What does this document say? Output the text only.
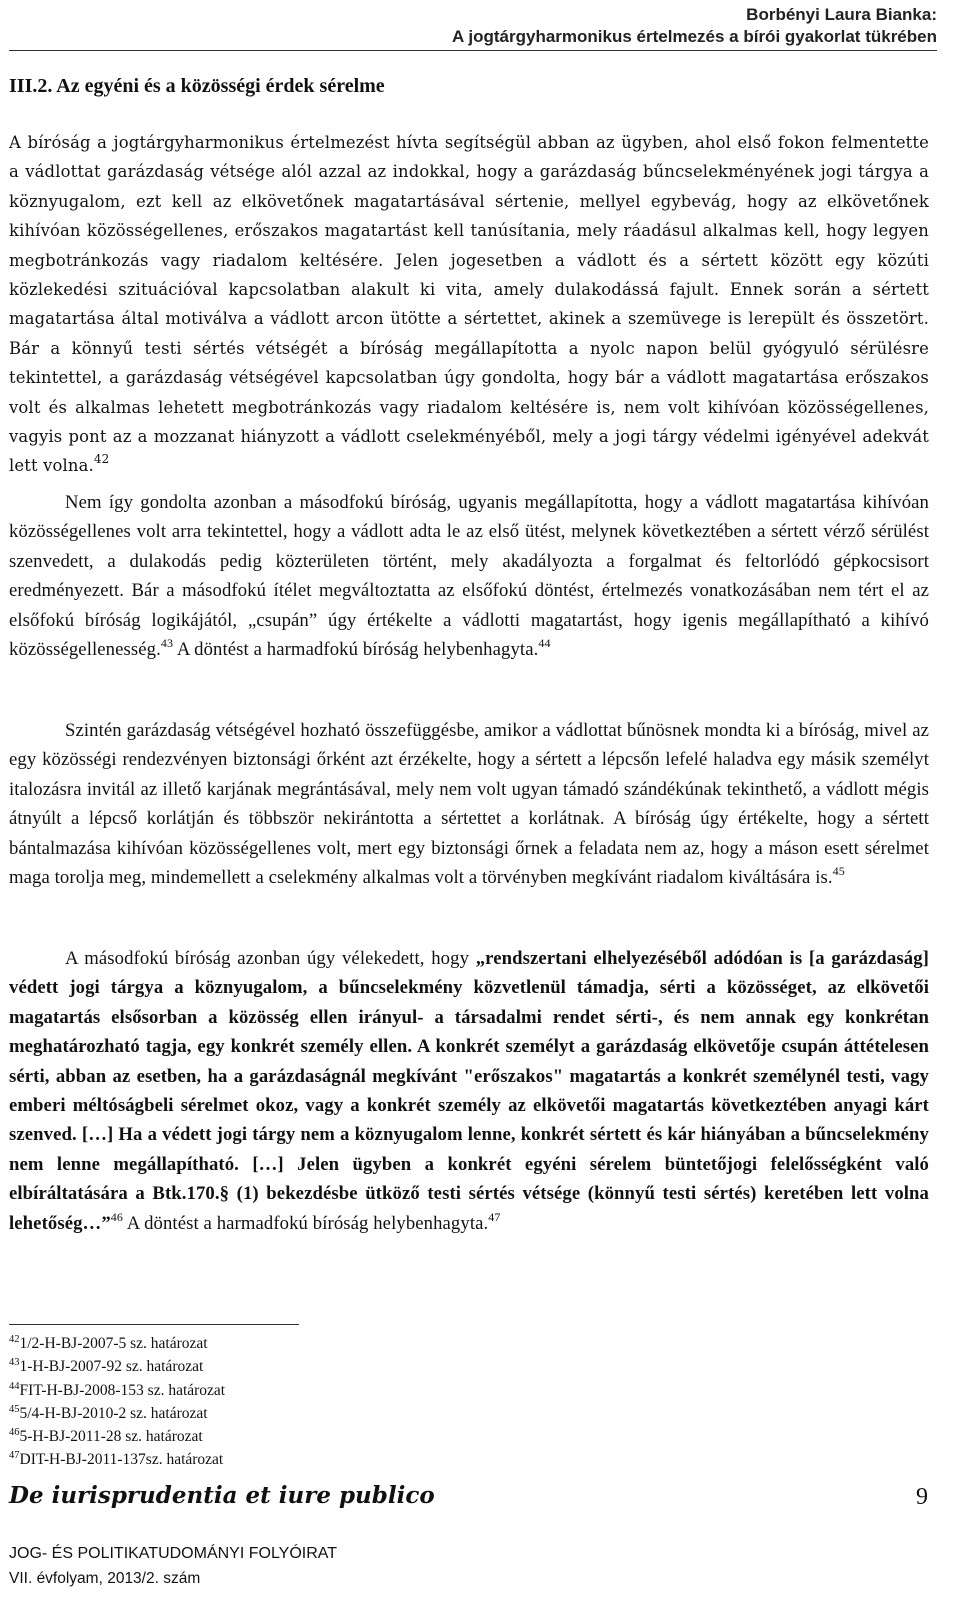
Borbényi Laura Bianka:
A jogtárgyharmonikus értelmezés a bírói gyakorlat tükrében
III.2. Az egyéni és a közösségi érdek sérelme

A bíróság a jogtárgyharmonikus értelmezést hívta segítségül abban az ügyben, ahol első fokon felmentette a vádlottat garázdaság vétsége alól azzal az indokkal, hogy a garázdaság bűncselekményének jogi tárgya a köznyugalom, ezt kell az elkövetőnek magatartásával sértenie, mellyel egybevág, hogy az elkövetőnek kihívóan közösségellenes, erőszakos magatartást kell tanúsítania, mely ráadásul alkalmas kell, hogy legyen megbotránkozás vagy riadalom keltésére. Jelen jogesetben a vádlott és a sértett között egy közúti közlekedési szituációval kapcsolatban alakult ki vita, amely dulakodássá fajult. Ennek során a sértett magatartása által motiválva a vádlott arcon ütötte a sértettet, akinek a szemüvege is lerepült és összetört. Bár a könnyű testi sértés vétségét a bíróság megállapította a nyolc napon belül gyógyuló sérülésre tekintettel, a garázdaság vétségével kapcsolatban úgy gondolta, hogy bár a vádlott magatartása erőszakos volt és alkalmas lehetett megbotránkozás vagy riadalom keltésére is, nem volt kihívóan közösségellenes, vagyis pont az a mozzanat hiányzott a vádlott cselekményéből, mely a jogi tárgy védelmi igényével adekvát lett volna.$^{42}$

Nem így gondolta azonban a másodfokú bíróság, ugyanis megállapította, hogy a vádlott magatartása kihívóan közösségellenes volt arra tekintettel, hogy a vádlott adta le az első ütést, melynek következtében a sértett vérző sérülést szenvedett, a dulakodás pedig közterületen történt, mely akadályozta a forgalmat és feltorlódó gépkocsisort eredményezett. Bár a másodfokú ítélet megváltoztatta az elsőfokú döntést, értelmezés vonatkozásában nem tért el az elsőfokú bíróság logikájától, „csupán” úgy értékelte a vádlotti magatartást, hogy igenis megállapítható a kihívó közösségellenesség.$^{43}$ A döntést a harmadfokú bíróság helybenhagyta.$^{44}$

Szintén garázdaság vétségével hozható összefüggésbe, amikor a vádlottat bűnösnek mondta ki a bíróság, mivel az egy közösségi rendezvényen biztonsági őrként azt érzékelte, hogy a sértett a lépcsőn lefelé haladva egy másik személyt italozásra invitál az illető karjának megrántásával, mely nem volt ugyan támadó szándékúnak tekinthető, a vádlott mégis átnyúlt a lépcső korlátján és többször nekirántotta a sértettet a korlátnak. A bíróság úgy értékelte, hogy a sértett bántalmazása kihívóan közösségellenes volt, mert egy biztonsági őrnek a feladata nem az, hogy a máson esett sérelmet maga torolja meg, mindemellett a cselekmény alkalmas volt a törvényben megkívánt riadalom kiváltására is.$^{45}$

A másodfokú bíróság azonban úgy vélekedett, hogy „rendszertani elhelyezéséből adódóan is [a garázdaság] védett jogi tárgya a köznyugalom, a bűncselekmény közvetlenül támadja, sérti a közösséget, az elkövetői magatartás elsősorban a közösség ellen irányul- a társadalmi rendet sérti-, és nem annak egy konkrétan meghatározható tagja, egy konkrét személy ellen. A konkrét személyt a garázdaság elkövetője csupán áttételesen sérti, abban az esetben, ha a garázdaságnál megkívánt "erőszakos" magatartás a konkrét személynél testi, vagy emberi méltóságbeli sérelmet okoz, vagy a konkrét személy az elkövetői magatartás következtében anyagi kárt szenved. […] Ha a védett jogi tárgy nem a köznyugalom lenne, konkrét sértett és kár hiányában a bűncselekmény nem lenne megállapítható. […] Jelen ügyben a konkrét egyéni sérelem büntetőjogi felelősségként való elbíráltatására a Btk.170.§ (1) bekezdésbe ütköző testi sértés vétsége (könnyű testi sértés) keretében lett volna lehetőség…”$^{46}$ A döntést a harmadfokú bíróság helybenhagyta.$^{47}$

$^{42}$1/2-H-BJ-2007-5 sz. határozat
$^{43}$1-H-BJ-2007-92 sz. határozat
$^{44}$FIT-H-BJ-2008-153 sz. határozat
$^{45}$5/4-H-BJ-2010-2 sz. határozat
$^{46}$5-H-BJ-2011-28 sz. határozat
$^{47}$DIT-H-BJ-2011-137sz. határozat
De iurisprudentia et iure publico	9
JOG- ÉS POLITIKATUDOMÁNYI FOLYÓIRAT
VII. évfolyam, 2013/2. szám
